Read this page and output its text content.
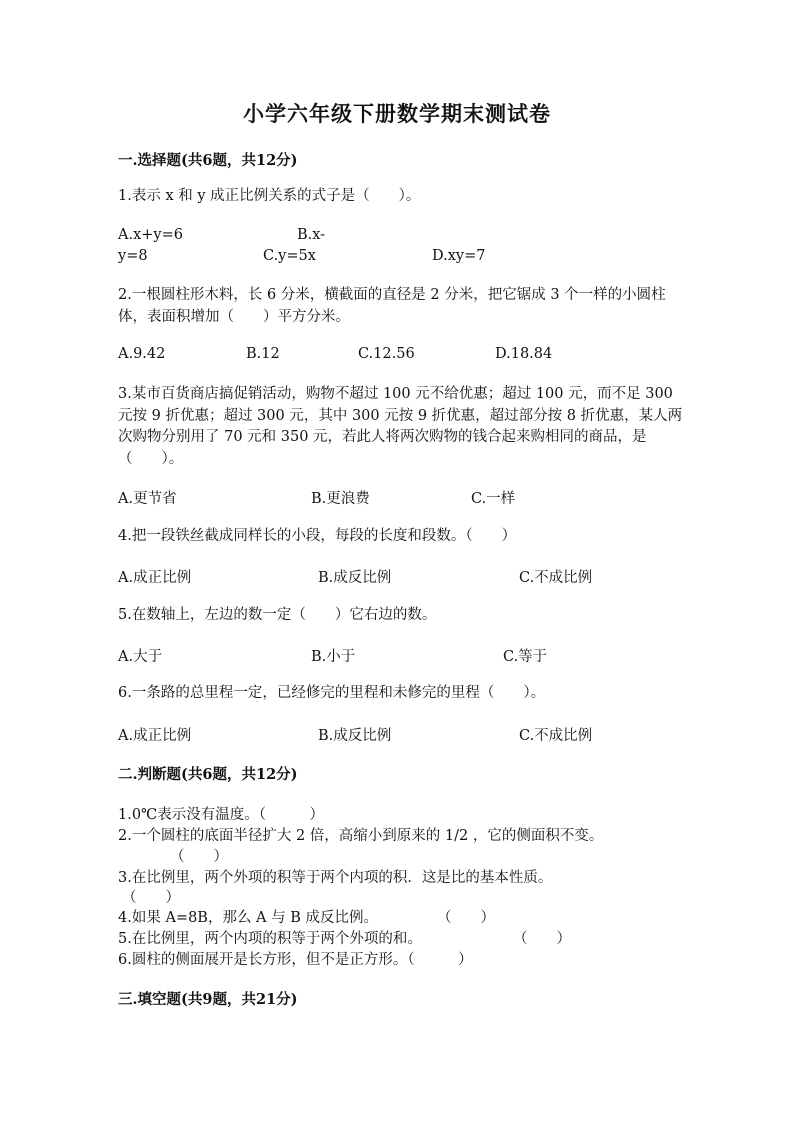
小学六年级下册数学期末测试卷
一.选择题(共6题，共12分)
1.表示 x 和 y 成正比例关系的式子是（　　）。
A.x+y=6	B.x-
y=8	C.y=5x	D.xy=7
2.一根圆柱形木料，长 6 分米，横截面的直径是 2 分米，把它锯成 3 个一样的小圆柱体，表面积增加（　　）平方分米。
A.9.42	B.12	C.12.56	D.18.84
3.某市百货商店搞促销活动，购物不超过 100 元不给优惠；超过 100 元，而不足 300 元按 9 折优惠；超过 300 元，其中 300 元按 9 折优惠，超过部分按 8 折优惠，某人两次购物分别用了 70 元和 350 元，若此人将两次购物的钱合起来购相同的商品，是（　　）。
A.更节省	B.更浪费	C.一样
4.把一段铁丝截成同样长的小段，每段的长度和段数。（　　）
A.成正比例	B.成反比例	C.不成比例
5.在数轴上，左边的数一定（　　）它右边的数。
A.大于	B.小于	C.等于
6.一条路的总里程一定，已经修完的里程和未修完的里程（　　）。
A.成正比例	B.成反比例	C.不成比例
二.判断题(共6题，共12分)
1.0℃表示没有温度。（　　　）
2.一个圆柱的底面半径扩大 2 倍，高缩小到原来的 1/2 ，它的侧面积不变。
（　　）
3.在比例里，两个外项的积等于两个内项的积．这是比的基本性质。
（　　）
4.如果 A=8B，那么 A 与 B 成反比例。	（　　）
5.在比例里，两个内项的积等于两个外项的和。	（　　）
6.圆柱的侧面展开是长方形，但不是正方形。（　　　）
三.填空题(共9题，共21分)
